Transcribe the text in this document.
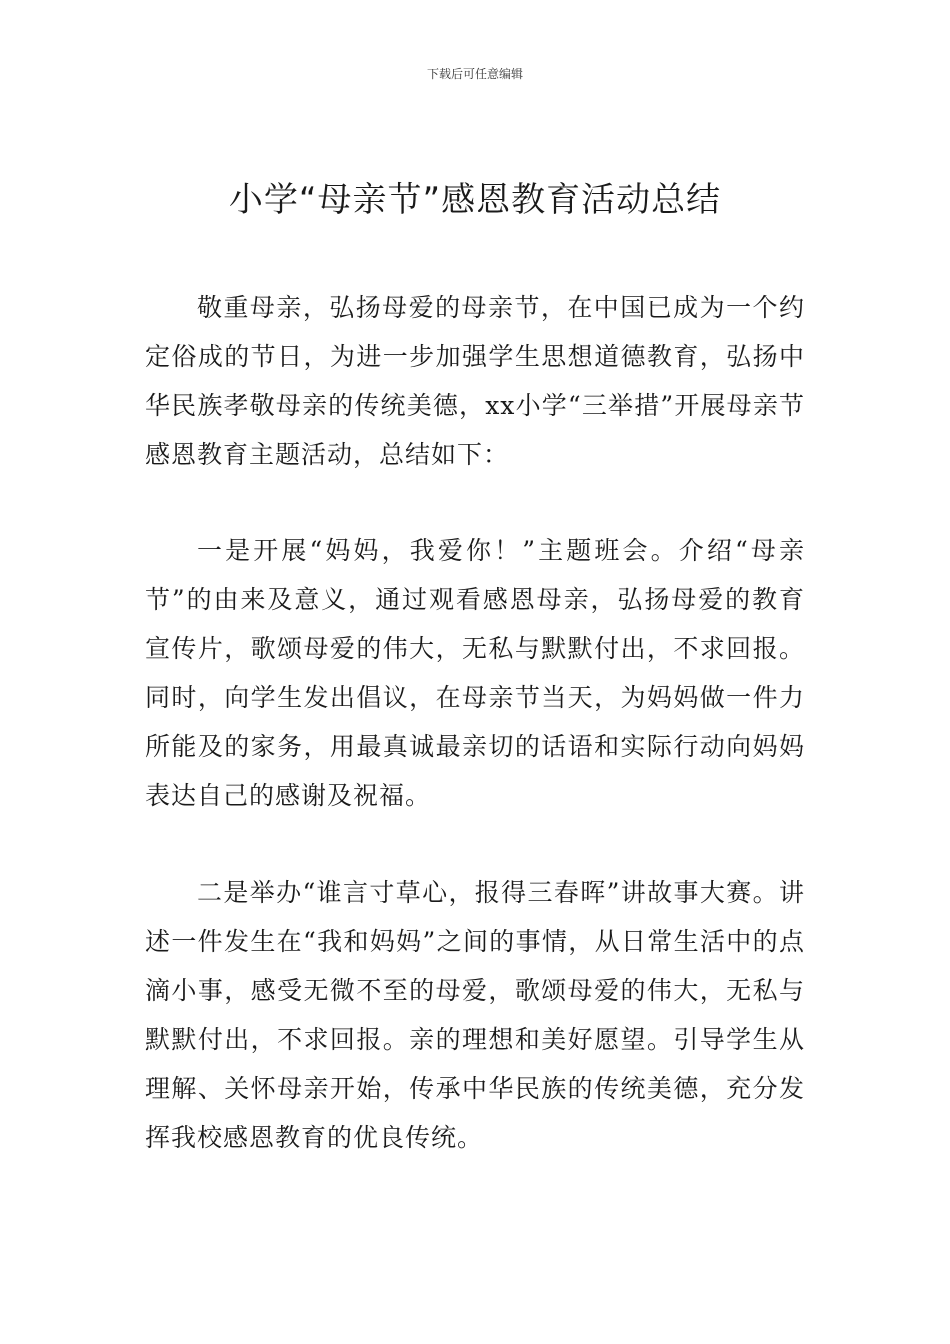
下载后可任意编辑
小学“母亲节”感恩教育活动总结

敬重母亲，弘扬母爱的母亲节，在中国已成为一个约定俗成的节日，为进一步加强学生思想道德教育，弘扬中华民族孝敬母亲的传统美德，xx小学“三举措”开展母亲节感恩教育主题活动，总结如下：

一是开展“妈妈，我爱你！”主题班会。介绍“母亲节”的由来及意义，通过观看感恩母亲，弘扬母爱的教育宣传片，歌颂母爱的伟大，无私与默默付出，不求回报。同时，向学生发出倡议，在母亲节当天，为妈妈做一件力所能及的家务，用最真诚最亲切的话语和实际行动向妈妈表达自己的感谢及祝福。

二是举办“谁言寸草心，报得三春晖”讲故事大赛。讲述一件发生在“我和妈妈”之间的事情，从日常生活中的点滴小事，感受无微不至的母爱，歌颂母爱的伟大，无私与默默付出，不求回报。亲的理想和美好愿望。引导学生从理解、关怀母亲开始，传承中华民族的传统美德，充分发挥我校感恩教育的优良传统。
